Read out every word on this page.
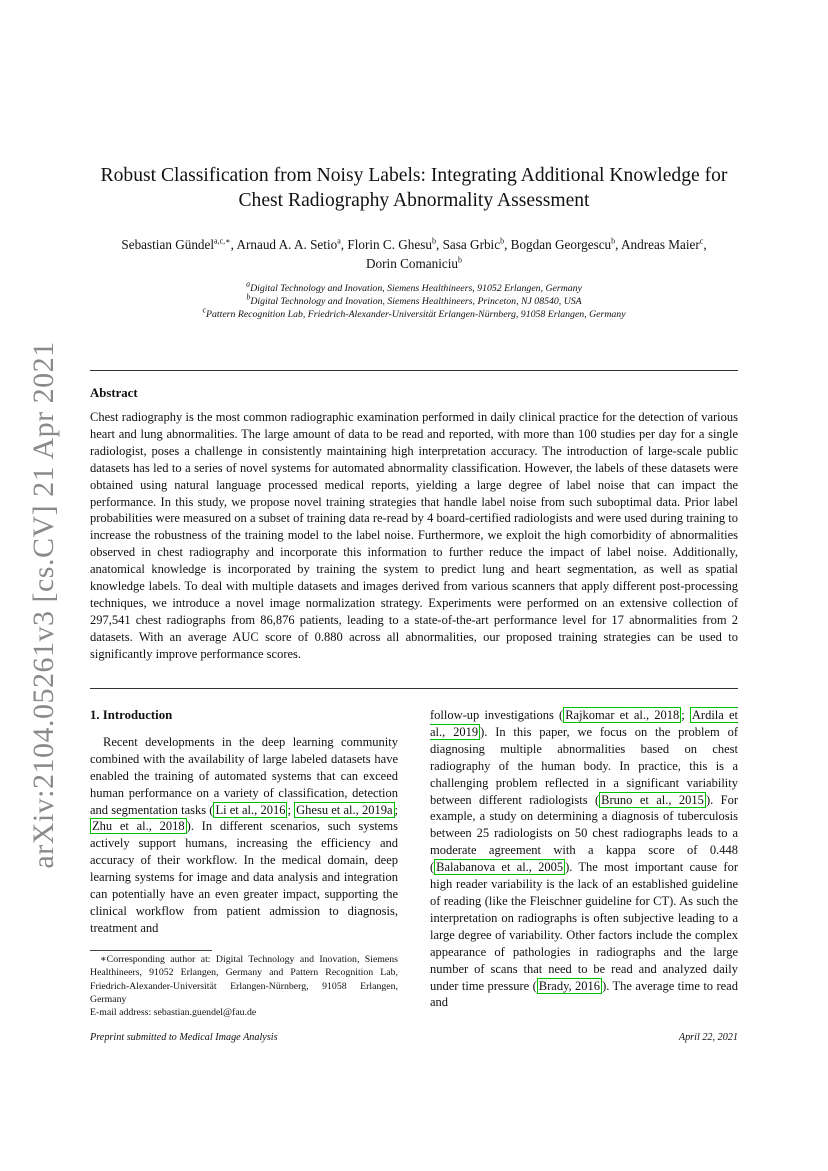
arXiv:2104.05261v3 [cs.CV] 21 Apr 2021
Robust Classification from Noisy Labels: Integrating Additional Knowledge for Chest Radiography Abnormality Assessment
Sebastian Gündel$^{a,c,∗}$, Arnaud A. A. Setio$^a$, Florin C. Ghesu$^b$, Sasa Grbic$^b$, Bogdan Georgescu$^b$, Andreas Maier$^c$,
Dorin Comaniciu$^b$
$^a$Digital Technology and Inovation, Siemens Healthineers, 91052 Erlangen, Germany
$^b$Digital Technology and Inovation, Siemens Healthineers, Princeton, NJ 08540, USA
$^c$Pattern Recognition Lab, Friedrich-Alexander-Universität Erlangen-Nürnberg, 91058 Erlangen, Germany
Abstract
Chest radiography is the most common radiographic examination performed in daily clinical practice for the detection of various heart and lung abnormalities. The large amount of data to be read and reported, with more than 100 studies per day for a single radiologist, poses a challenge in consistently maintaining high interpretation accuracy. The introduction of large-scale public datasets has led to a series of novel systems for automated abnormality classification. However, the labels of these datasets were obtained using natural language processed medical reports, yielding a large degree of label noise that can impact the performance. In this study, we propose novel training strategies that handle label noise from such suboptimal data. Prior label probabilities were measured on a subset of training data re-read by 4 board-certified radiologists and were used during training to increase the robustness of the training model to the label noise. Furthermore, we exploit the high comorbidity of abnormalities observed in chest radiography and incorporate this information to further reduce the impact of label noise. Additionally, anatomical knowledge is incorporated by training the system to predict lung and heart segmentation, as well as spatial knowledge labels. To deal with multiple datasets and images derived from various scanners that apply different post-processing techniques, we introduce a novel image normalization strategy. Experiments were performed on an extensive collection of 297,541 chest radiographs from 86,876 patients, leading to a state-of-the-art performance level for 17 abnormalities from 2 datasets. With an average AUC score of 0.880 across all abnormalities, our proposed training strategies can be used to significantly improve performance scores.

1. Introduction

Recent developments in the deep learning community combined with the availability of large labeled datasets have enabled the training of automated systems that can exceed human performance on a variety of classification, detection and segmentation tasks ( Li et al., 2016 ; Ghesu et al., 2019a ; Zhu et al., 2018 ). In different scenarios, such systems actively support humans, increasing the efficiency and accuracy of their workflow. In the medical domain, deep learning systems for image and data analysis and integration can potentially have an even greater impact, supporting the clinical workflow from patient admission to diagnosis, treatment and

follow-up investigations ( Rajkomar et al., 2018 ; Ardila et al., 2019 ). In this paper, we focus on the problem of diagnosing multiple abnormalities based on chest radiography of the human body. In practice, this is a challenging problem reflected in a significant variability between different radiologists ( Bruno et al., 2015 ). For example, a study on determining a diagnosis of tuberculosis between 25 radiologists on 50 chest radiographs leads to a moderate agreement with a kappa score of 0.448 ( Balabanova et al., 2005 ). The most important cause for high reader variability is the lack of an established guideline of reading (like the Fleischner guideline for CT). As such the interpretation on radiographs is often subjective leading to a large degree of variability. Other factors include the complex appearance of pathologies in radiographs and the large number of scans that need to be read and analyzed daily under time pressure ( Brady, 2016 ). The average time to read and

∗Corresponding author at: Digital Technology and Inovation, Siemens Healthineers, 91052 Erlangen, Germany and Pattern Recognition Lab, Friedrich-Alexander-Universität Erlangen-Nürnberg, 91058 Erlangen, Germany

E-mail address: sebastian.guendel@fau.de

Preprint submitted to Medical Image Analysis	April 22, 2021
